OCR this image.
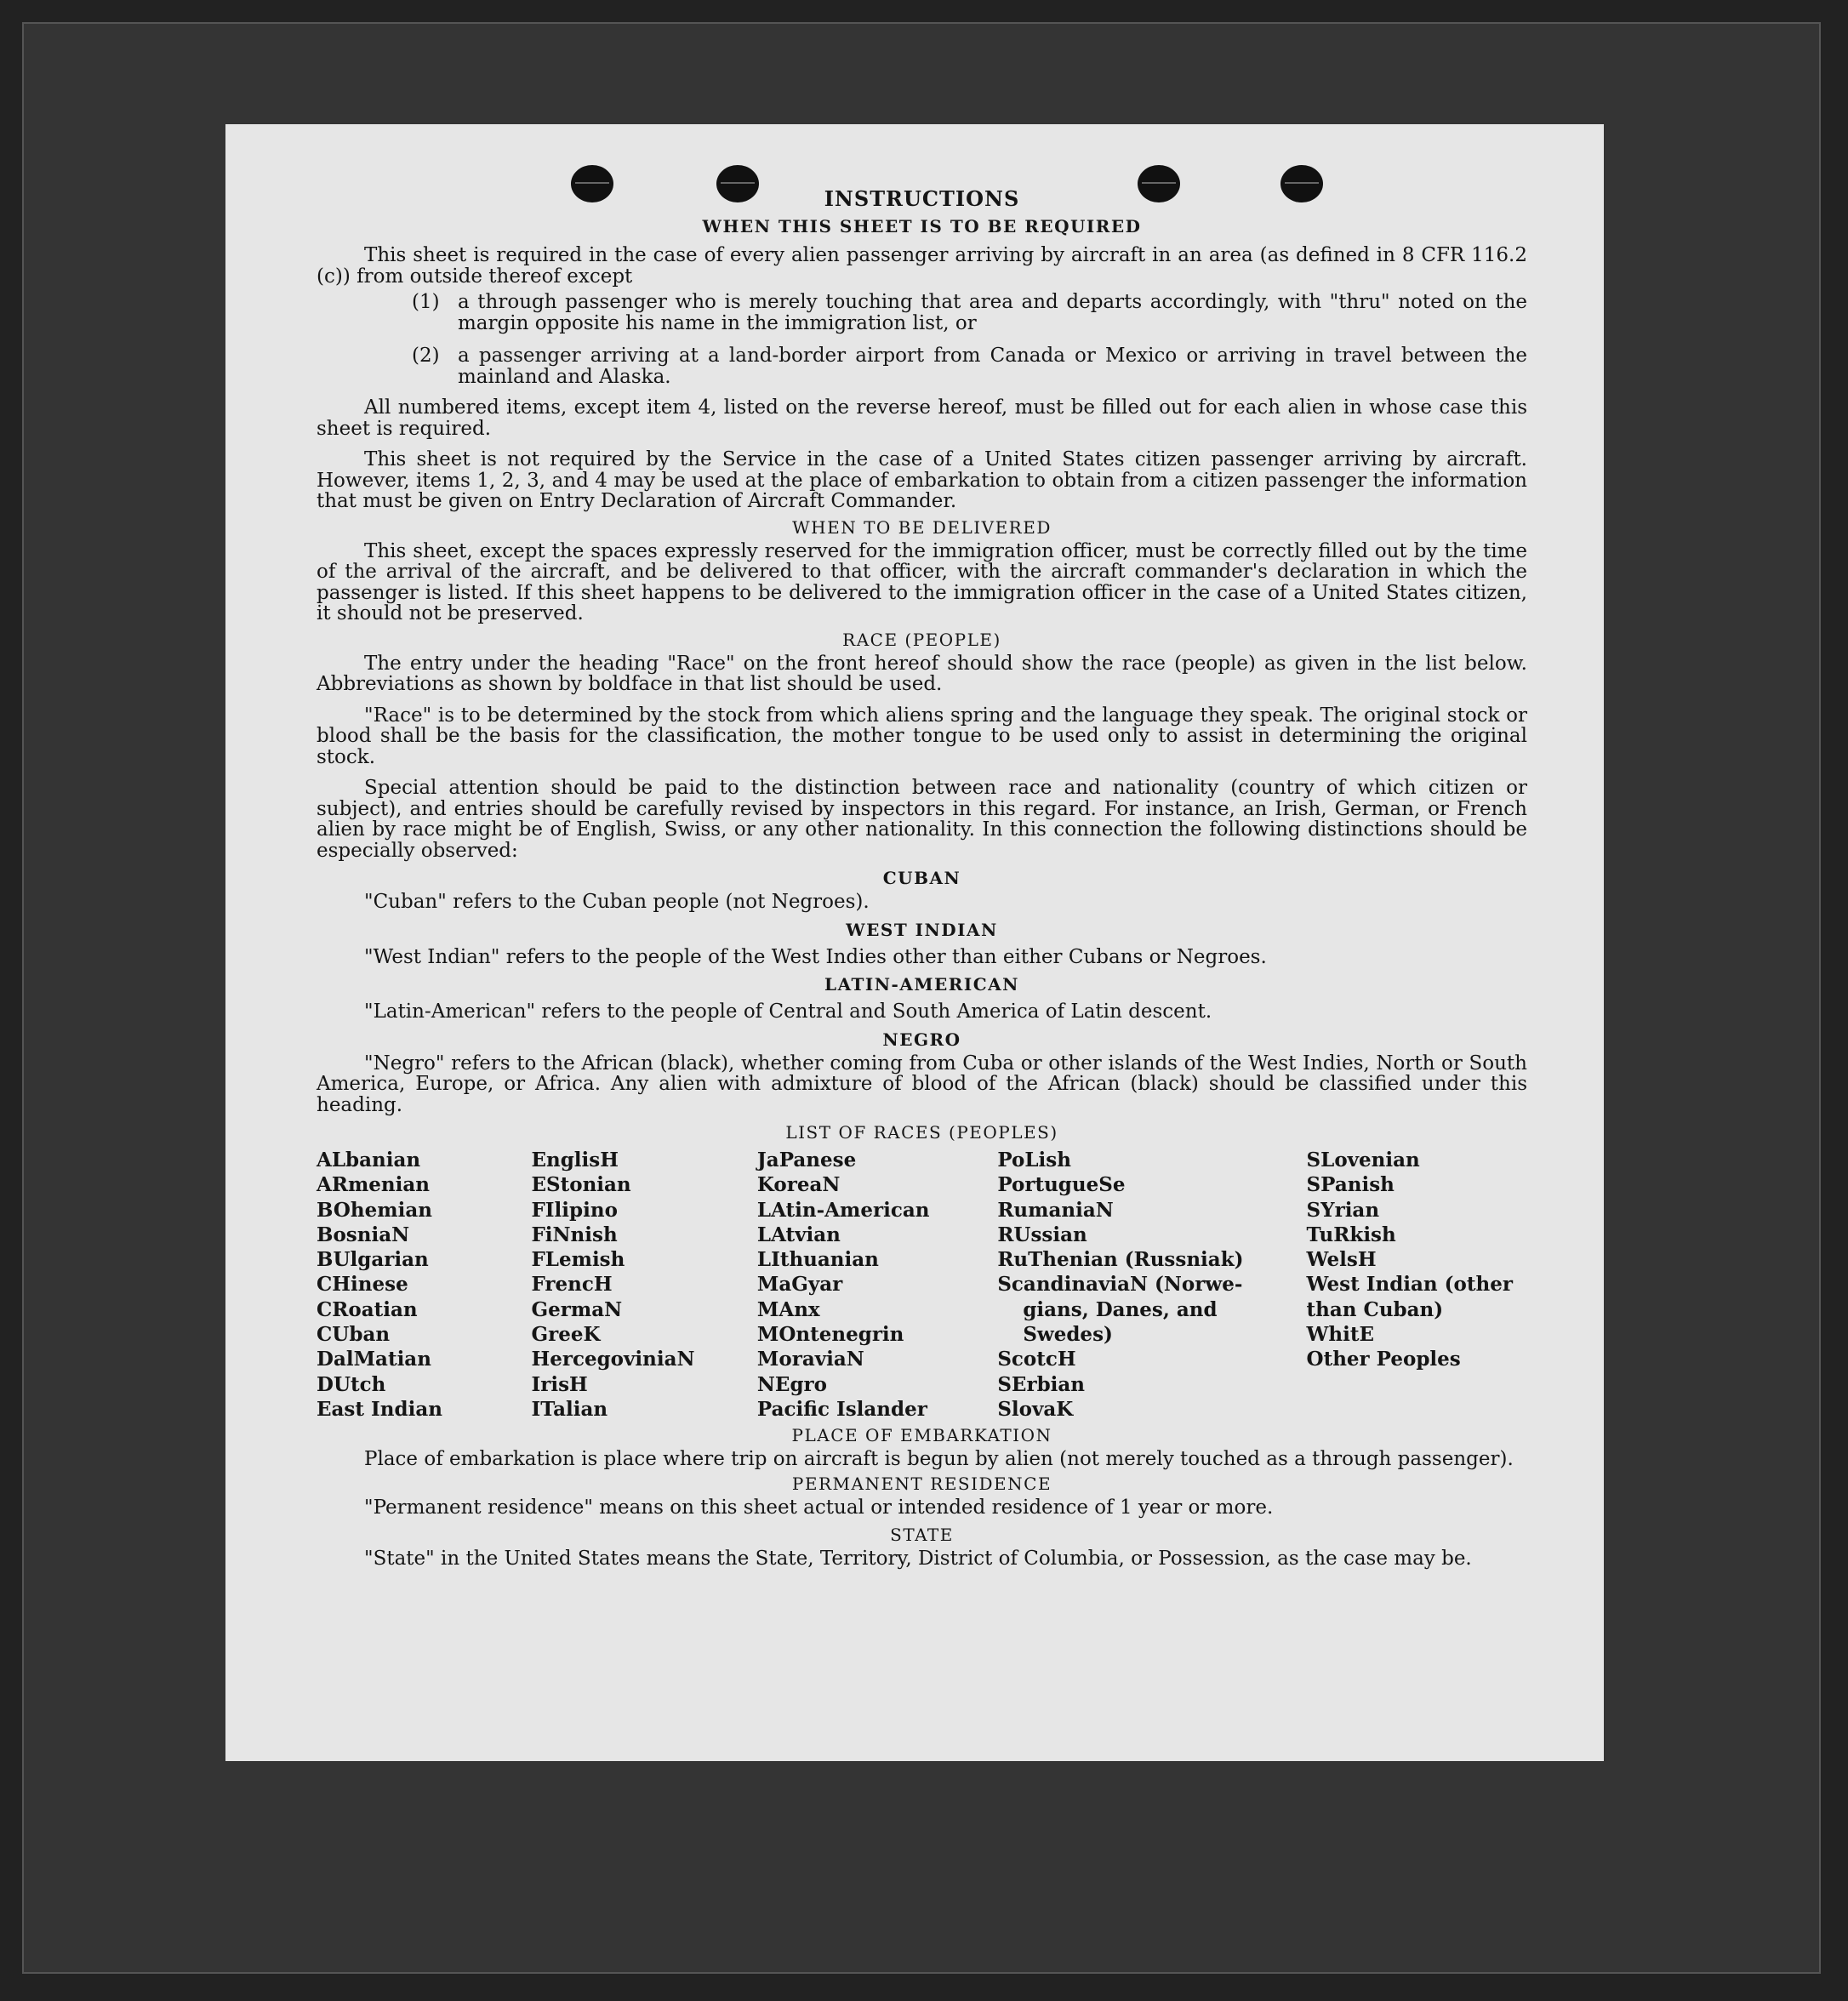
INSTRUCTIONS
WHEN THIS SHEET IS TO BE REQUIRED

This sheet is required in the case of every alien passenger arriving by aircraft in an area (as defined in 8 CFR 116.2 (c)) from outside thereof except

(1) a through passenger who is merely touching that area and departs accordingly, with "thru" noted on the margin opposite his name in the immigration list, or
(2) a passenger arriving at a land-border airport from Canada or Mexico or arriving in travel between the mainland and Alaska.

All numbered items, except item 4, listed on the reverse hereof, must be filled out for each alien in whose case this sheet is required.

This sheet is not required by the Service in the case of a United States citizen passenger arriving by aircraft. However, items 1, 2, 3, and 4 may be used at the place of embarkation to obtain from a citizen passenger the information that must be given on Entry Declaration of Aircraft Commander.

WHEN TO BE DELIVERED

This sheet, except the spaces expressly reserved for the immigration officer, must be correctly filled out by the time of the arrival of the aircraft, and be delivered to that officer, with the aircraft commander's declaration in which the passenger is listed. If this sheet happens to be delivered to the immigration officer in the case of a United States citizen, it should not be preserved.

RACE (PEOPLE)

The entry under the heading "Race" on the front hereof should show the race (people) as given in the list below. Abbreviations as shown by boldface in that list should be used.

"Race" is to be determined by the stock from which aliens spring and the language they speak. The original stock or blood shall be the basis for the classification, the mother tongue to be used only to assist in determining the original stock.

Special attention should be paid to the distinction between race and nationality (country of which citizen or subject), and entries should be carefully revised by inspectors in this regard. For instance, an Irish, German, or French alien by race might be of English, Swiss, or any other nationality. In this connection the following distinctions should be especially observed:

CUBAN

"Cuban" refers to the Cuban people (not Negroes).

WEST INDIAN

"West Indian" refers to the people of the West Indies other than either Cubans or Negroes.

LATIN-AMERICAN

"Latin-American" refers to the people of Central and South America of Latin descent.

NEGRO

"Negro" refers to the African (black), whether coming from Cuba or other islands of the West Indies, North or South America, Europe, or Africa. Any alien with admixture of blood of the African (black) should be classified under this heading.

LIST OF RACES (PEOPLES)
ALbanian
ARmenian
BOhemian
BosniaN
BUlgarian
CHinese
CRoatian
CUban
DalMatian
DUtch
East Indian
EnglisH
EStonian
FIlipino
FiNnish
FLemish
FrencH
GermaN
GreeK
HercegoviniaN
IrisH
ITalian
JaPanese
KoreaN
LAtin-American
LAtvian
LIthuanian
MaGyar
MAnx
MOntenegrin
MoraviaN
NEgro
Pacific Islander
PoLish
PortugueSe
RumaniaN
RUssian
RuThenian (Russniak)
ScandinaviaN (Norwe-
gians, Danes, and
Swedes)
ScotcH
SErbian
SlovaK
SLovenian
SPanish
SYrian
TuRkish
WelsH
West Indian (other
than Cuban)
WhitE
Other Peoples
PLACE OF EMBARKATION

Place of embarkation is place where trip on aircraft is begun by alien (not merely touched as a through passenger).

PERMANENT RESIDENCE

"Permanent residence" means on this sheet actual or intended residence of 1 year or more.

STATE

"State" in the United States means the State, Territory, District of Columbia, or Possession, as the case may be.
